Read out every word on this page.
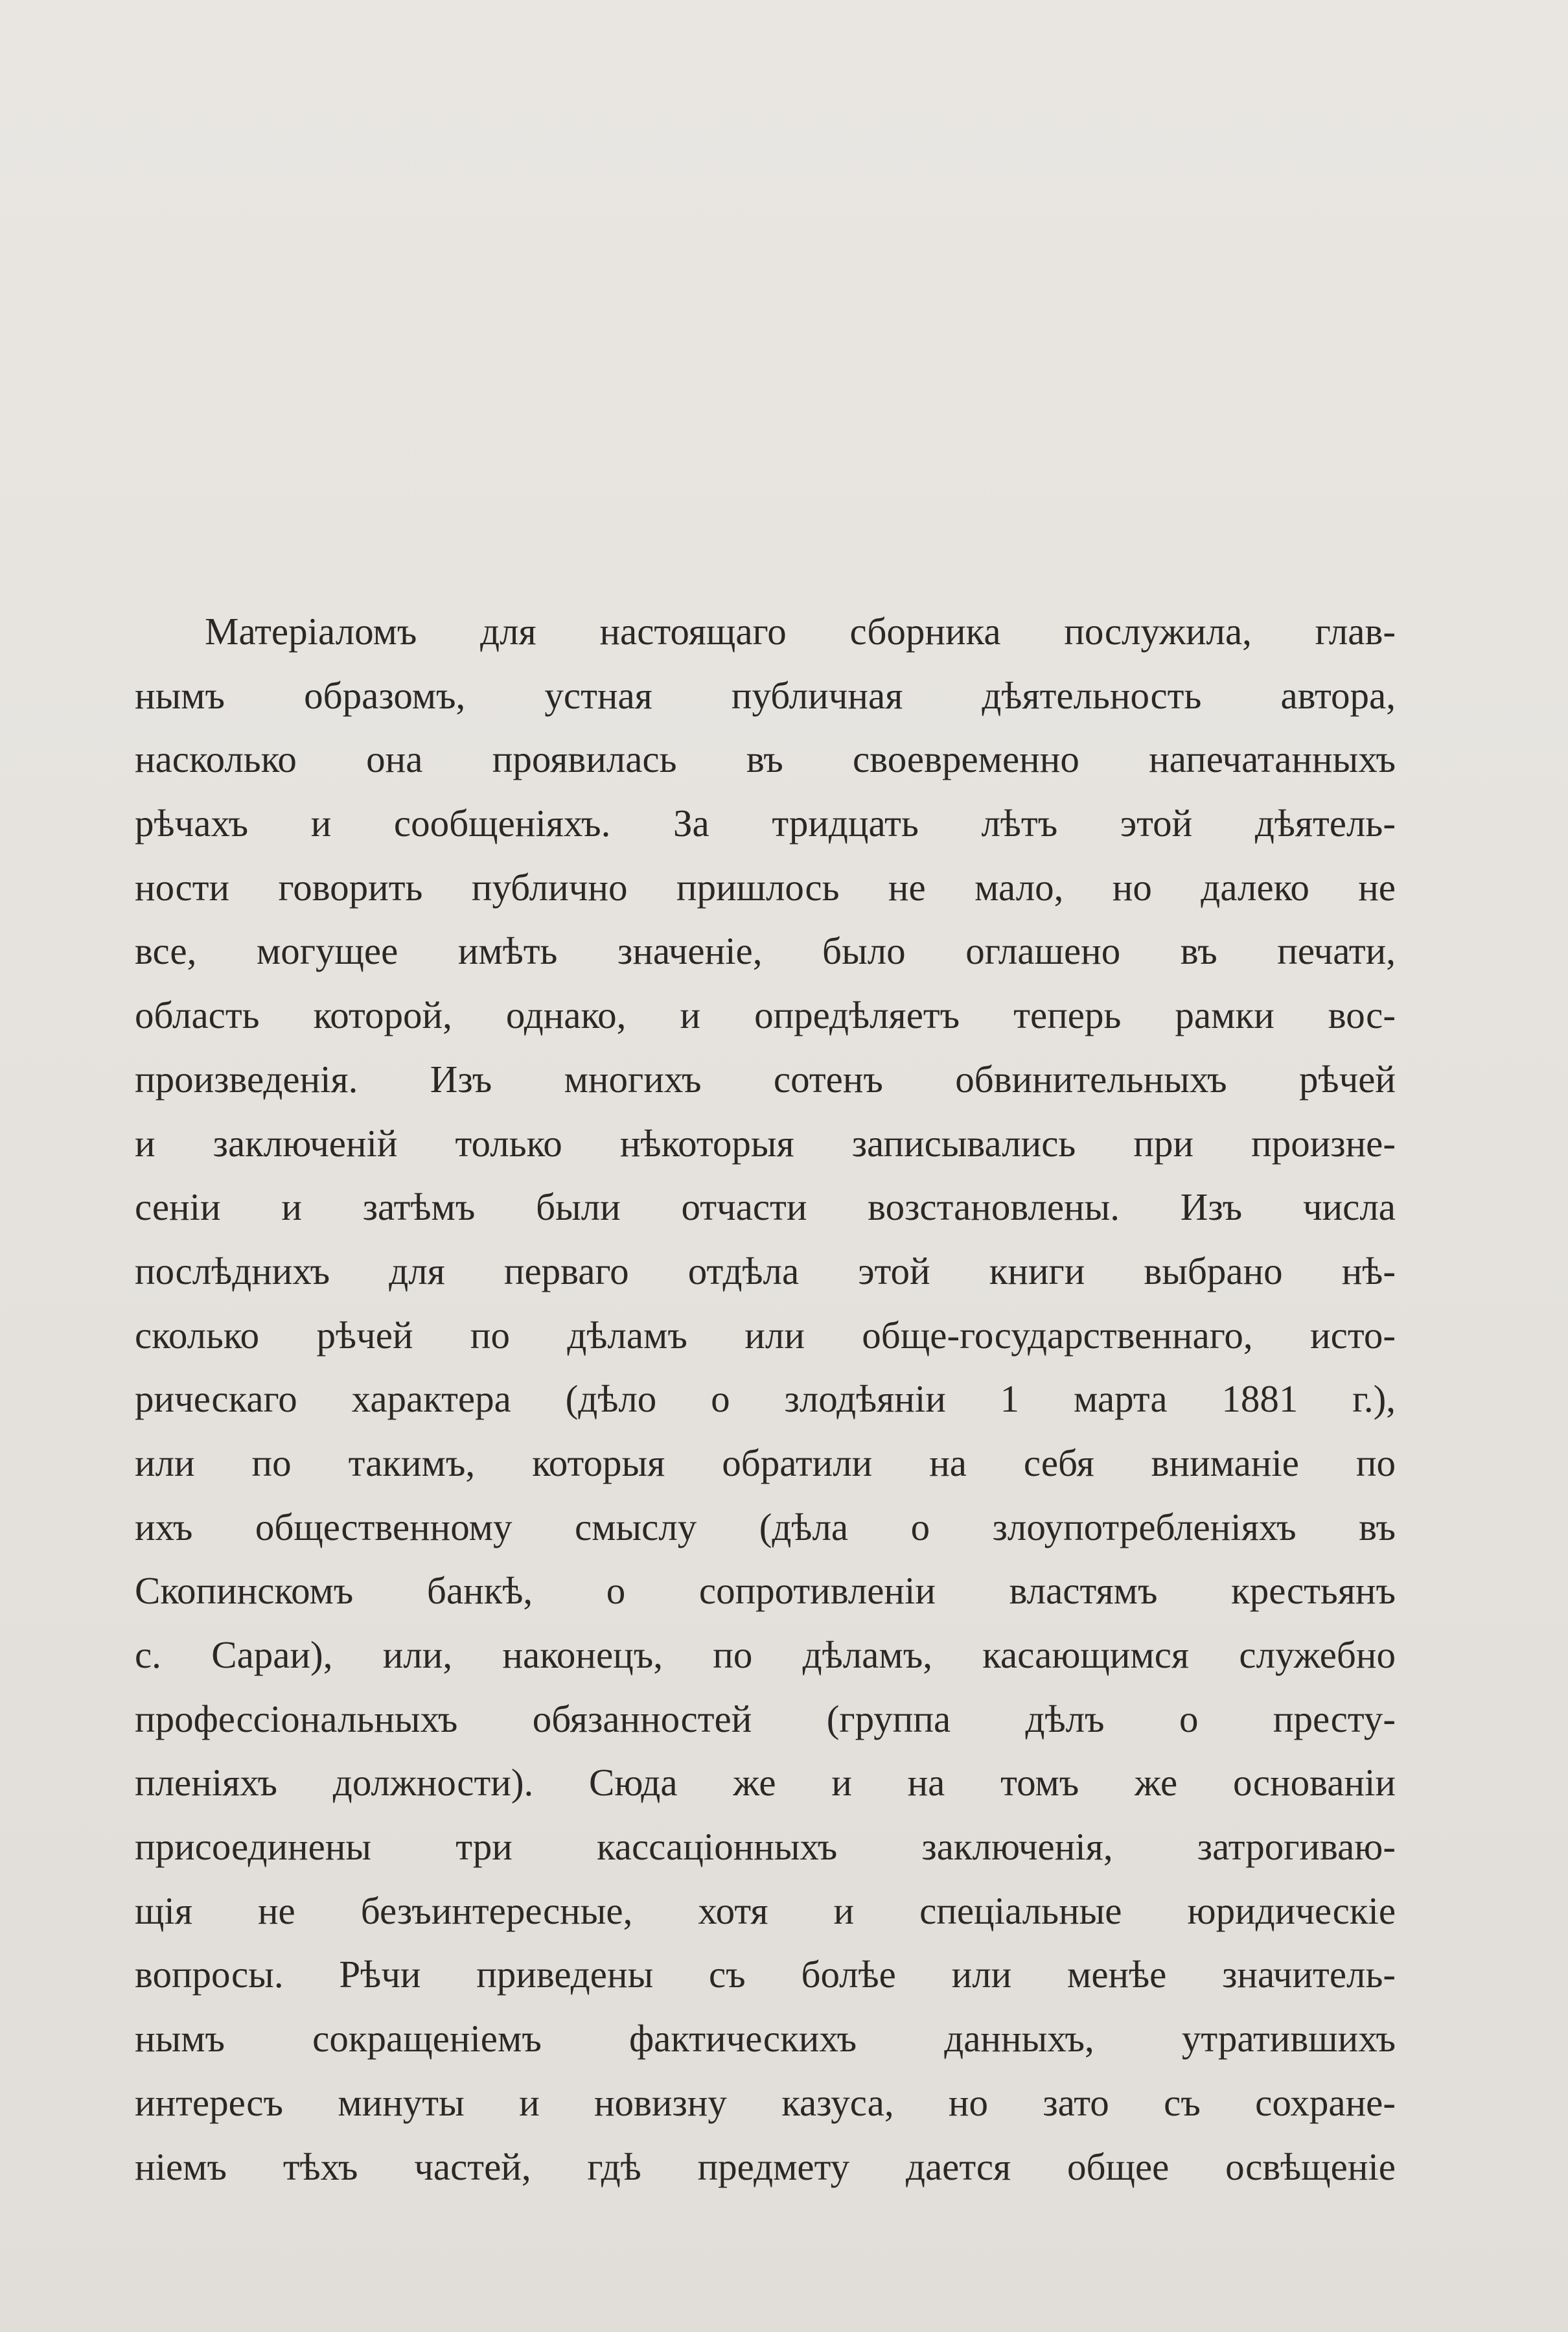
Матеріаломъ для настоящаго сборника послужила, глав-
нымъ образомъ, устная публичная дѣятельность автора,
насколько она проявилась въ своевременно напечатанныхъ
рѣчахъ и сообщеніяхъ. За тридцать лѣтъ этой дѣятель-
ности говорить публично пришлось не мало, но далеко не
все, могущее имѣть значеніе, было оглашено въ печати,
область которой, однако, и опредѣляетъ теперь рамки вос-
произведенія. Изъ многихъ сотенъ обвинительныхъ рѣчей
и заключеній только нѣкоторыя записывались при произне-
сеніи и затѣмъ были отчасти возстановлены. Изъ числа
послѣднихъ для перваго отдѣла этой книги выбрано нѣ-
сколько рѣчей по дѣламъ или обще-государственнаго, исто-
рическаго характера (дѣло о злодѣяніи 1 марта 1881 г.),
или по такимъ, которыя обратили на себя вниманіе по
ихъ общественному смыслу (дѣла о злоупотребленіяхъ въ
Скопинскомъ банкѣ, о сопротивленіи властямъ крестьянъ
с. Сараи), или, наконецъ, по дѣламъ, касающимся служебно
профессіональныхъ обязанностей (группа дѣлъ о престу-
пленіяхъ должности). Сюда же и на томъ же основаніи
присоединены три кассаціонныхъ заключенія, затрогиваю-
щія не безъинтересные, хотя и спеціальные юридическіе
вопросы. Рѣчи приведены съ болѣе или менѣе значитель-
нымъ сокращеніемъ фактическихъ данныхъ, утратившихъ
интересъ минуты и новизну казуса, но зато съ сохране-
ніемъ тѣхъ частей, гдѣ предмету дается общее освѣщеніе
